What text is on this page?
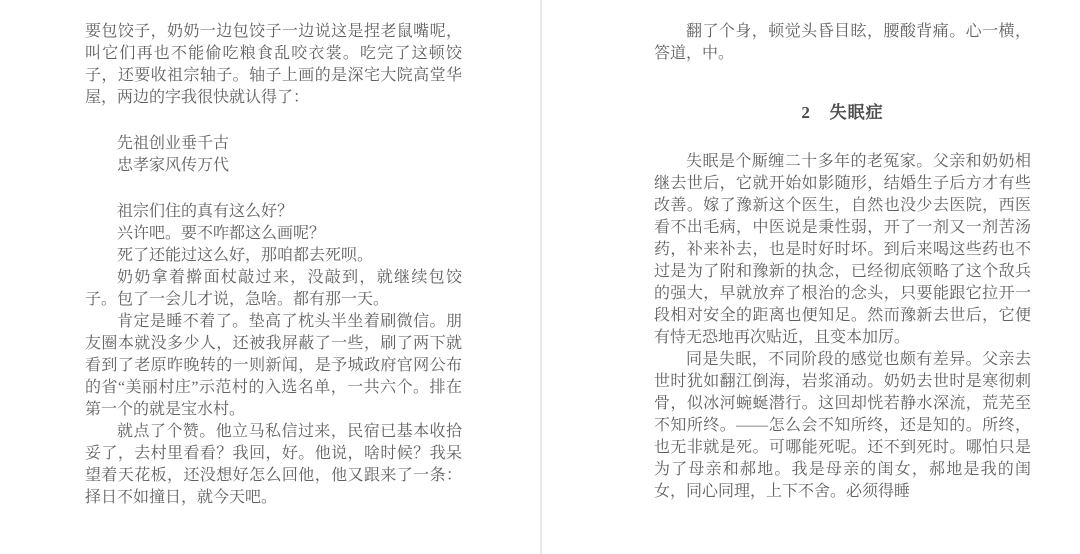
要包饺子，奶奶一边包饺子一边说这是捏老鼠嘴呢，叫它们再也不能偷吃粮食乱咬衣裳。吃完了这顿饺子，还要收祖宗轴子。轴子上画的是深宅大院高堂华屋，两边的字我很快就认得了：

先祖创业垂千古

忠孝家风传万代

祖宗们住的真有这么好？

兴许吧。要不咋都这么画呢？

死了还能过这么好，那咱都去死呗。

奶奶拿着擀面杖敲过来，没敲到，就继续包饺子。包了一会儿才说，急啥。都有那一天。

肯定是睡不着了。垫高了枕头半坐着刷微信。朋友圈本就没多少人，还被我屏蔽了一些，刷了两下就看到了老原昨晚转的一则新闻，是予城政府官网公布的省“美丽村庄”示范村的入选名单，一共六个。排在第一个的就是宝水村。

就点了个赞。他立马私信过来，民宿已基本收拾妥了，去村里看看？我回，好。他说，啥时候？我呆望着天花板，还没想好怎么回他，他又跟来了一条：择日不如撞日，就今天吧。

翻了个身，顿觉头昏目眩，腰酸背痛。心一横，答道，中。

2 失眠症

失眠是个厮缠二十多年的老冤家。父亲和奶奶相继去世后，它就开始如影随形，结婚生子后方才有些改善。嫁了豫新这个医生，自然也没少去医院，西医看不出毛病，中医说是秉性弱，开了一剂又一剂苦汤药，补来补去，也是时好时坏。到后来喝这些药也不过是为了附和豫新的执念，已经彻底领略了这个敌兵的强大，早就放弃了根治的念头，只要能跟它拉开一段相对安全的距离也便知足。然而豫新去世后，它便有恃无恐地再次贴近，且变本加厉。

同是失眠，不同阶段的感觉也颇有差异。父亲去世时犹如翻江倒海，岩浆涌动。奶奶去世时是寒彻刺骨，似冰河蜿蜒潜行。这回却恍若静水深流，荒芜至不知所终。——怎么会不知所终，还是知的。所终，也无非就是死。可哪能死呢。还不到死时。哪怕只是为了母亲和郝地。我是母亲的闺女，郝地是我的闺女，同心同理，上下不舍。必须得睡
